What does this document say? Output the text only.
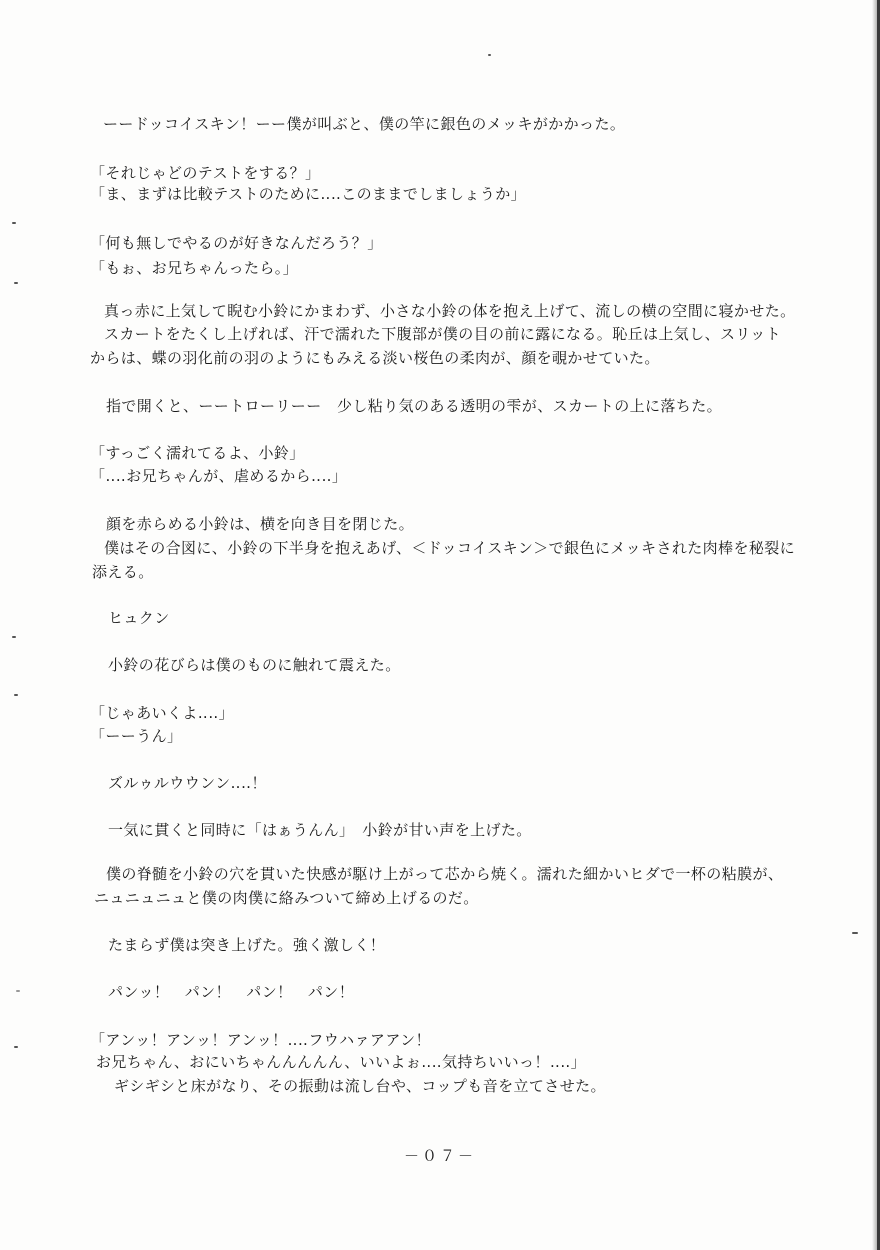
ーードッコイスキン！ーー僕が叫ぶと、僕の竿に銀色のメッキがかかった。
「それじゃどのテストをする？」
「ま、まずは比較テストのために‥‥このままでしましょうか」
「何も無しでやるのが好きなんだろう？」
「もぉ、お兄ちゃんったら。」
真っ赤に上気して睨む小鈴にかまわず、小さな小鈴の体を抱え上げて、流しの横の空間に寝かせた。
スカートをたくし上げれば、汗で濡れた下腹部が僕の目の前に露になる。恥丘は上気し、スリット
からは、蝶の羽化前の羽のようにもみえる淡い桜色の柔肉が、顔を覗かせていた。
指で開くと、ーートローリーー　少し粘り気のある透明の雫が、スカートの上に落ちた。
「すっごく濡れてるよ、小鈴」
「‥‥お兄ちゃんが、虐めるから‥‥」
顔を赤らめる小鈴は、横を向き目を閉じた。
僕はその合図に、小鈴の下半身を抱えあげ、＜ドッコイスキン＞で銀色にメッキされた肉棒を秘裂に
添える。
ヒュクン
小鈴の花びらは僕のものに触れて震えた。
「じゃあいくよ‥‥」
「ーーうん」
ズルゥルウウンン‥‥！
一気に貫くと同時に「はぁうんん」　小鈴が甘い声を上げた。
僕の脊髄を小鈴の穴を貫いた快感が駆け上がって芯から焼く。濡れた細かいヒダで一杯の粘膜が、
ニュニュニュと僕の肉僕に絡みついて締め上げるのだ。
たまらず僕は突き上げた。強く激しく！
パンッ！　パン！　パン！　パン！
「アンッ！アンッ！アンッ！‥‥フウハァアアン！
お兄ちゃん、おにいちゃんんんんん、いいよぉ‥‥気持ちいいっ！‥‥」
ギシギシと床がなり、その振動は流し台や、コップも音を立てさせた。
－０７－
